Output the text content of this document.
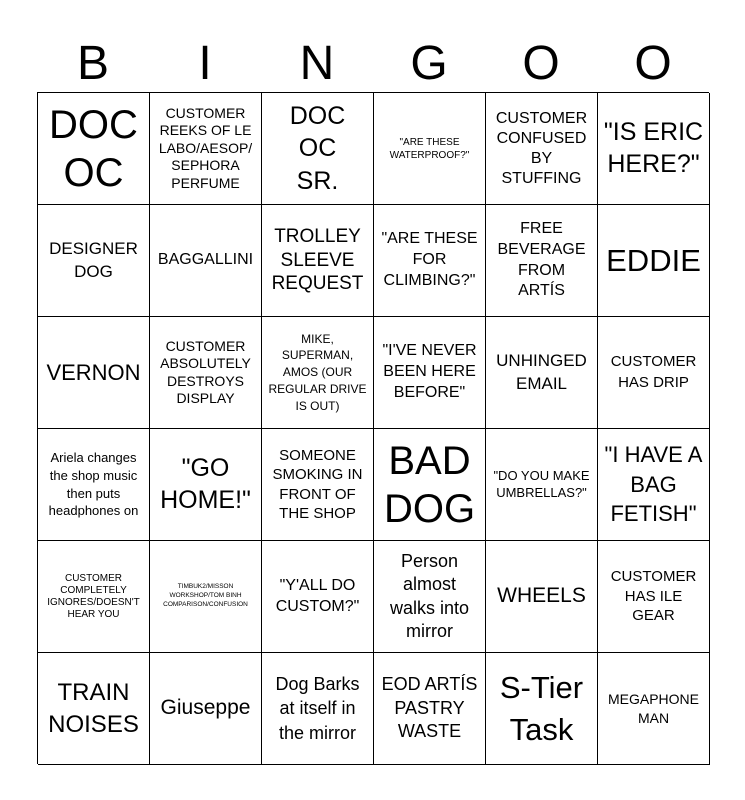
B	I	N	G	O	O
DOC OC
CUSTOMER REEKS OF LE LABO/AESOP/ SEPHORA PERFUME
DOC OC SR.
"ARE THESE WATERPROOF?"
CUSTOMER CONFUSED BY STUFFING
"IS ERIC HERE?"
DESIGNER DOG
BAGGALLINI
TROLLEY SLEEVE REQUEST
"ARE THESE FOR CLIMBING?"
FREE BEVERAGE FROM ARTÍS
EDDIE
VERNON
CUSTOMER ABSOLUTELY DESTROYS DISPLAY
MIKE, SUPERMAN, AMOS (OUR REGULAR DRIVE IS OUT)
"I'VE NEVER BEEN HERE BEFORE"
UNHINGED EMAIL
CUSTOMER HAS DRIP
Ariela changes the shop music then puts headphones on
"GO HOME!"
SOMEONE SMOKING IN FRONT OF THE SHOP
BAD DOG
"DO YOU MAKE UMBRELLAS?"
"I HAVE A BAG FETISH"
CUSTOMER COMPLETELY IGNORES/DOESN'T HEAR YOU
TIMBUK2/MISSON WORKSHOP/TOM BINH COMPARISON/CONFUSION
"Y'ALL DO CUSTOM?"
Person almost walks into mirror
WHEELS
CUSTOMER HAS ILE GEAR
TRAIN NOISES
Giuseppe
Dog Barks at itself in the mirror
EOD ARTÍS PASTRY WASTE
S-Tier Task
MEGAPHONE MAN
